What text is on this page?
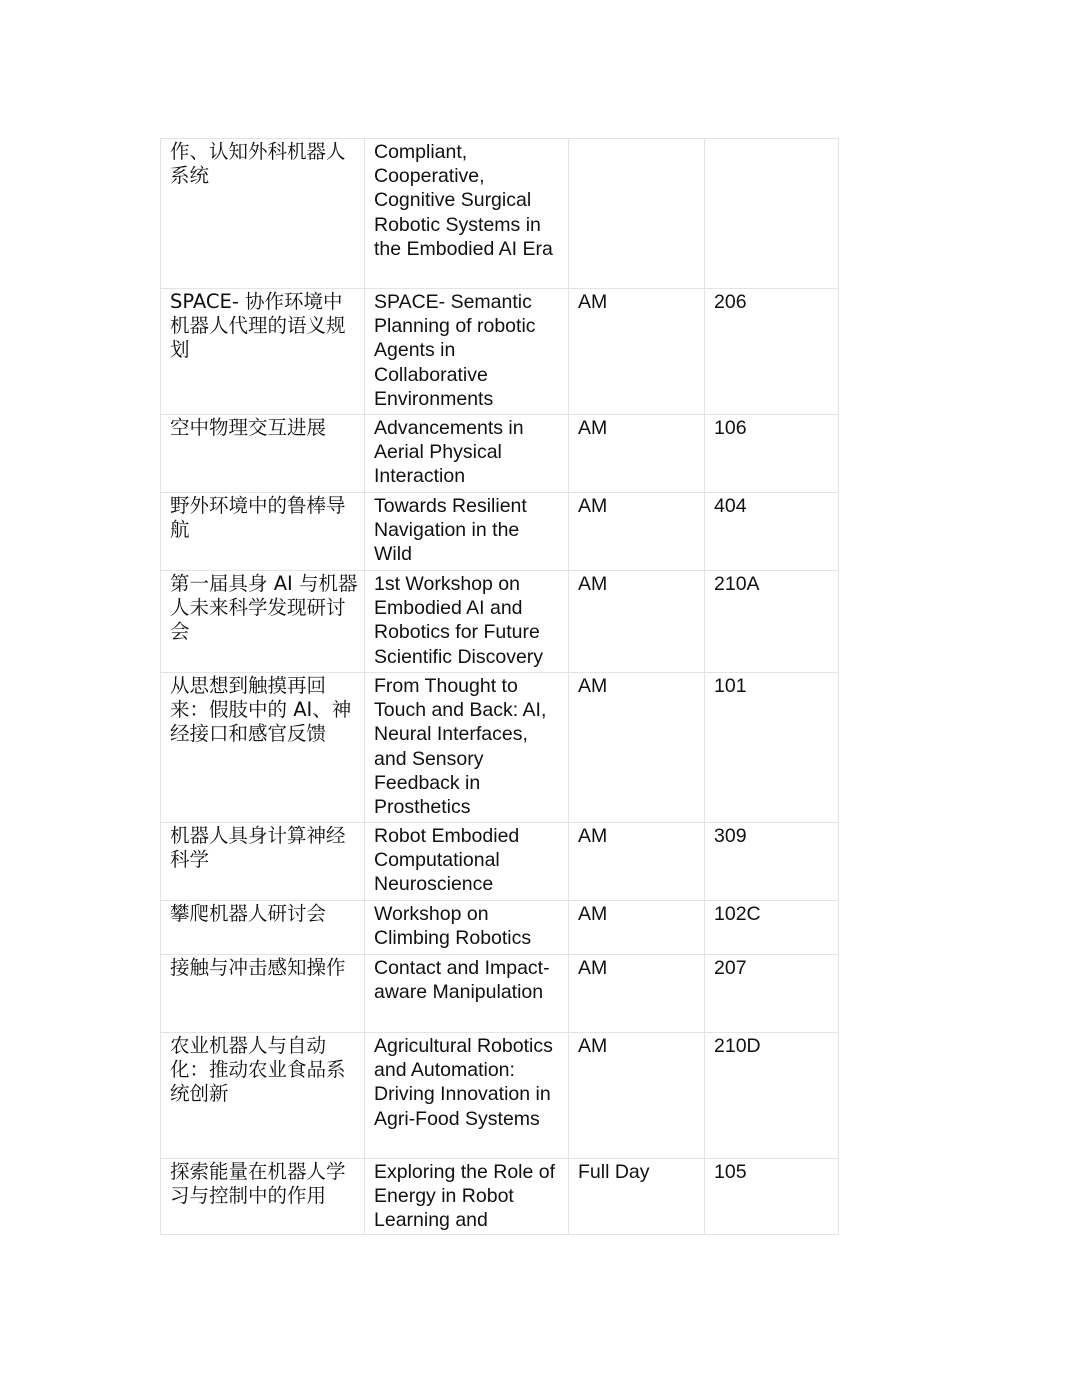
作、认知外科机器人系统	Compliant, Cooperative, Cognitive Surgical Robotic Systems in the Embodied AI Era		
SPACE- 协作环境中机器人代理的语义规划	SPACE- Semantic Planning of robotic Agents in Collaborative Environments	AM	206
空中物理交互进展	Advancements in Aerial Physical Interaction	AM	106
野外环境中的鲁棒导航	Towards Resilient Navigation in the Wild	AM	404
第一届具身 AI 与机器人未来科学发现研讨会	1st Workshop on Embodied AI and Robotics for Future Scientific Discovery	AM	210A
从思想到触摸再回来：假肢中的 AI、神经接口和感官反馈	From Thought to Touch and Back: AI, Neural Interfaces, and Sensory Feedback in Prosthetics	AM	101
机器人具身计算神经科学	Robot Embodied Computational Neuroscience	AM	309
攀爬机器人研讨会	Workshop on Climbing Robotics	AM	102C
接触与冲击感知操作	Contact and Impact-aware Manipulation	AM	207
农业机器人与自动化：推动农业食品系统创新	Agricultural Robotics and Automation: Driving Innovation in Agri-Food Systems	AM	210D
探索能量在机器人学习与控制中的作用	Exploring the Role of Energy in Robot Learning and	Full Day	105
